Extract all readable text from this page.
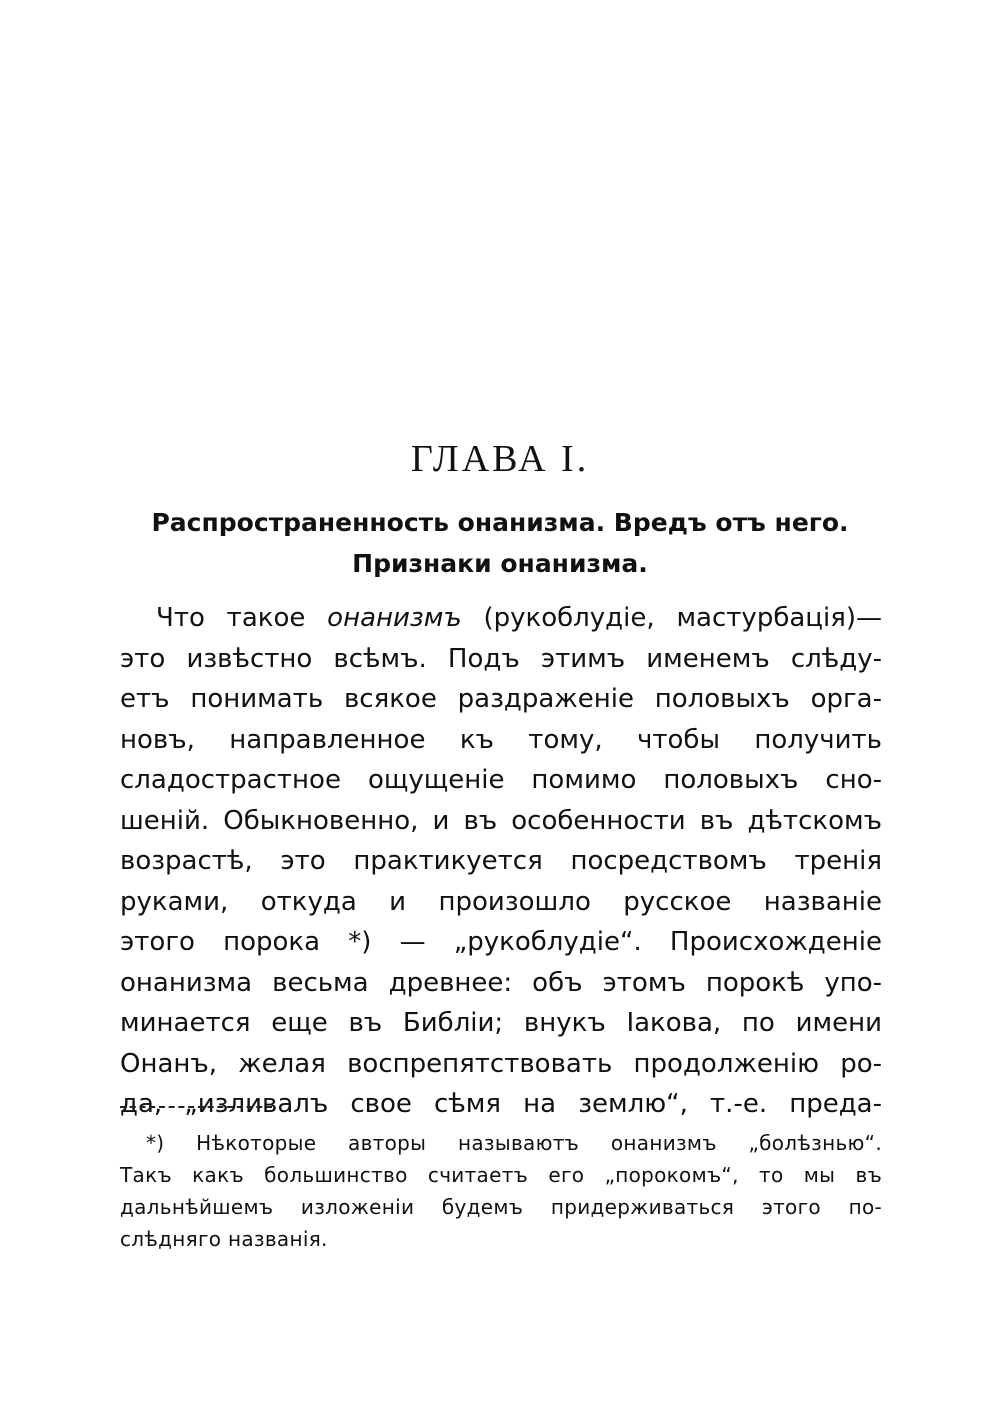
ГЛАВА I.
Распространенность онанизма. Вредъ отъ него.
Признаки онанизма.

Что такое онанизмъ (рукоблудіе, мастурбація)—
это извѣстно всѣмъ. Подъ этимъ именемъ слѣду-
етъ понимать всякое раздраженіе половыхъ орга-
новъ, направленное къ тому, чтобы получить
сладострастное ощущеніе помимо половыхъ сно-
шеній. Обыкновенно, и въ особенности въ дѣтскомъ
возрастѣ, это практикуется посредствомъ тренія
руками, откуда и произошло русское названіе
этого порока *) — „рукоблудіе“. Происхожденіе
онанизма весьма древнее: объ этомъ порокѣ упо-
минается еще въ Библіи; внукъ Іакова, по имени
Онанъ, желая воспрепятствовать продолженію ро-
да, „изливалъ свое сѣмя на землю“, т.-е. преда-

*) Нѣкоторые авторы называютъ онанизмъ „болѣзнью“.
Такъ какъ большинство считаетъ его „порокомъ“, то мы въ
дальнѣйшемъ изложеніи будемъ придерживаться этого по-
слѣдняго названія.
